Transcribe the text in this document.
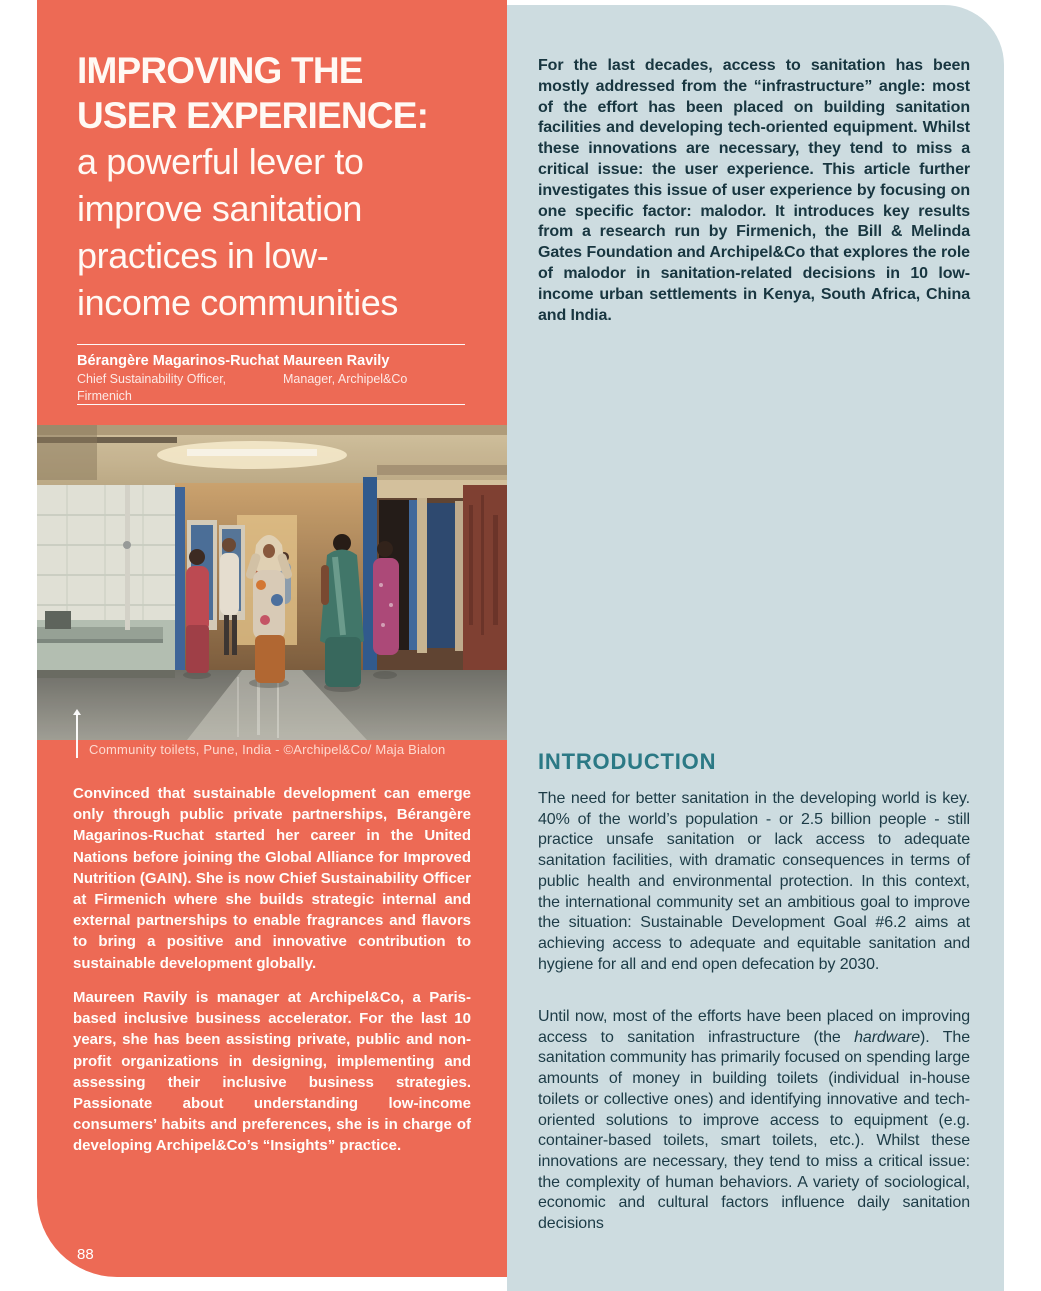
IMPROVING THE
USER EXPERIENCE:
a powerful lever to
improve sanitation
practices in low-
income communities
Bérangère Magarinos-Ruchat
Chief Sustainability Officer,
Firmenich
Maureen Ravily
Manager, Archipel&Co
Community toilets, Pune, India - ©Archipel&Co/ Maja Bialon

Convinced that sustainable development can emerge only through public private partnerships, Bérangère Magarinos-Ruchat started her career in the United Nations before joining the Global Alliance for Improved Nutrition (GAIN). She is now Chief Sustainability Officer at Firmenich where she builds strategic internal and external partnerships to enable fragrances and flavors to bring a positive and innovative contribution to sustainable development globally.

Maureen Ravily is manager at Archipel&Co, a Paris-based inclusive business accelerator. For the last 10 years, she has been assisting private, public and non-profit organizations in designing, implementing and assessing their inclusive business strategies. Passionate about understanding low-income consumers’ habits and preferences, she is in charge of developing Archipel&Co’s “Insights” practice.

88

For the last decades, access to sanitation has been mostly addressed from the “infrastructure” angle: most of the effort has been placed on building sanitation facilities and developing tech-oriented equipment. Whilst these innovations are necessary, they tend to miss a critical issue: the user experience. This article further investigates this issue of user experience by focusing on one specific factor: malodor. It introduces key results from a research run by Firmenich, the Bill & Melinda Gates Foundation and Archipel&Co that explores the role of malodor in sanitation-related decisions in 10 low-income urban settlements in Kenya, South Africa, China and India.

INTRODUCTION

The need for better sanitation in the developing world is key. 40% of the world’s population - or 2.5 billion people - still practice unsafe sanitation or lack access to adequate sanitation facilities, with dramatic consequences in terms of public health and environmental protection. In this context, the international community set an ambitious goal to improve the situation: Sustainable Development Goal #6.2 aims at achieving access to adequate and equitable sanitation and hygiene for all and end open defecation by 2030.

Until now, most of the efforts have been placed on improving access to sanitation infrastructure (the hardware). The sanitation community has primarily focused on spending large amounts of money in building toilets (individual in-house toilets or collective ones) and identifying innovative and tech-oriented solutions to improve access to equipment (e.g. container-based toilets, smart toilets, etc.). Whilst these innovations are necessary, they tend to miss a critical issue: the complexity of human behaviors. A variety of sociological, economic and cultural factors influence daily sanitation decisions
